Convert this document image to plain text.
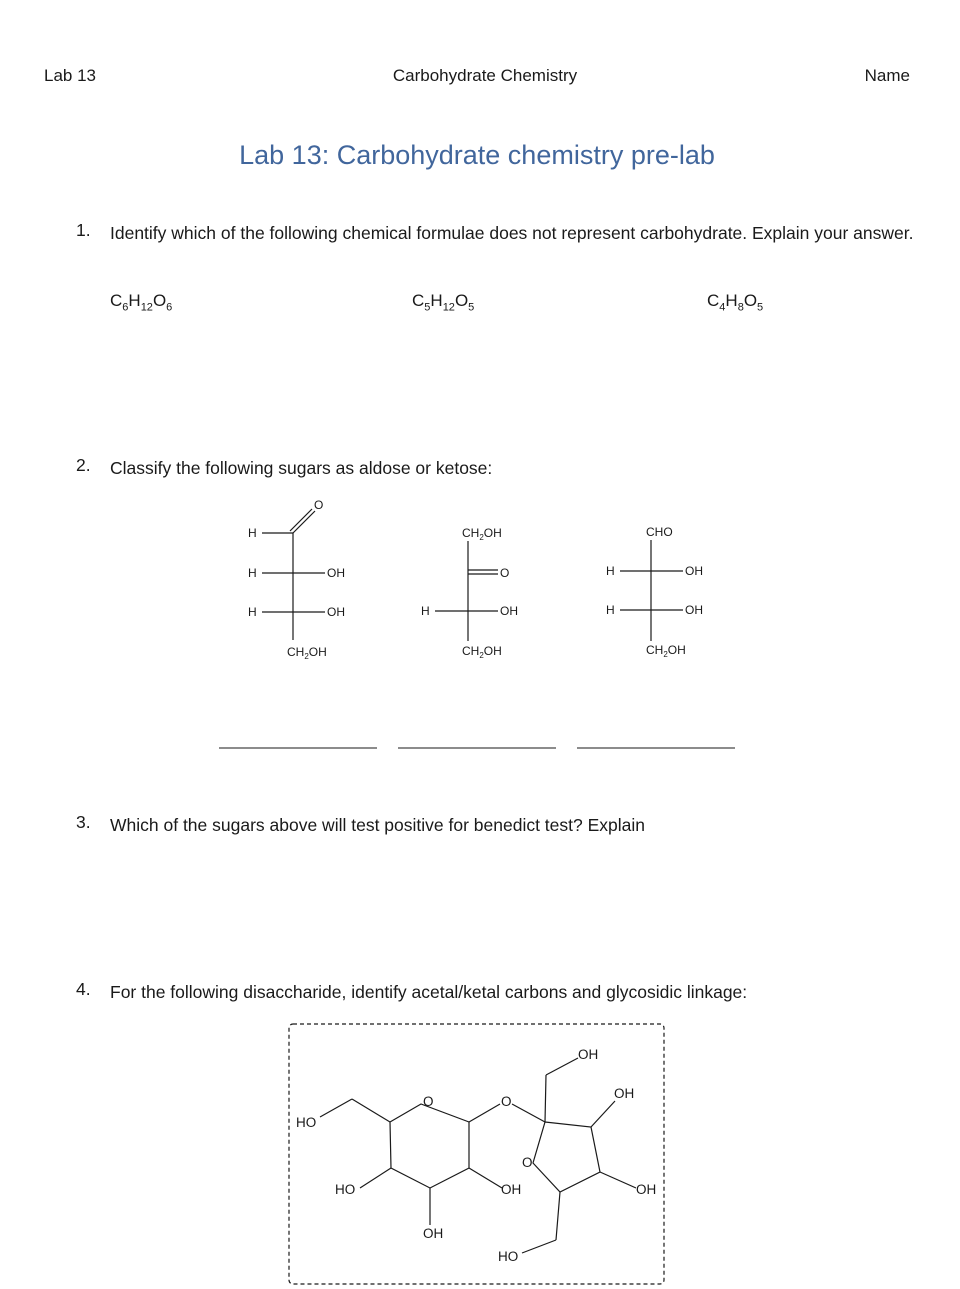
Lab 13	Carbohydrate Chemistry	Name
Lab 13: Carbohydrate chemistry pre-lab
1. Identify which of the following chemical formulae does not represent carbohydrate. Explain your answer.
$C_6H_{12}O_6$	$C_5H_{12}O_5$	$C_4H_8O_5$
2. Classify the following sugars as aldose or ketose:
3. Which of the sugars above will test positive for benedict test? Explain
4. For the following disaccharide, identify acetal/ketal carbons and glycosidic linkage:
H
O
H	OH
H	OH
$CH_2OH$
$CH_2OH$
O
H	OH
$CH_2OH$
CHO
H	OH
H	OH
$CH_2OH$
HO
O	O
OH
OH
HO	OH
O
OH
OH
HO
